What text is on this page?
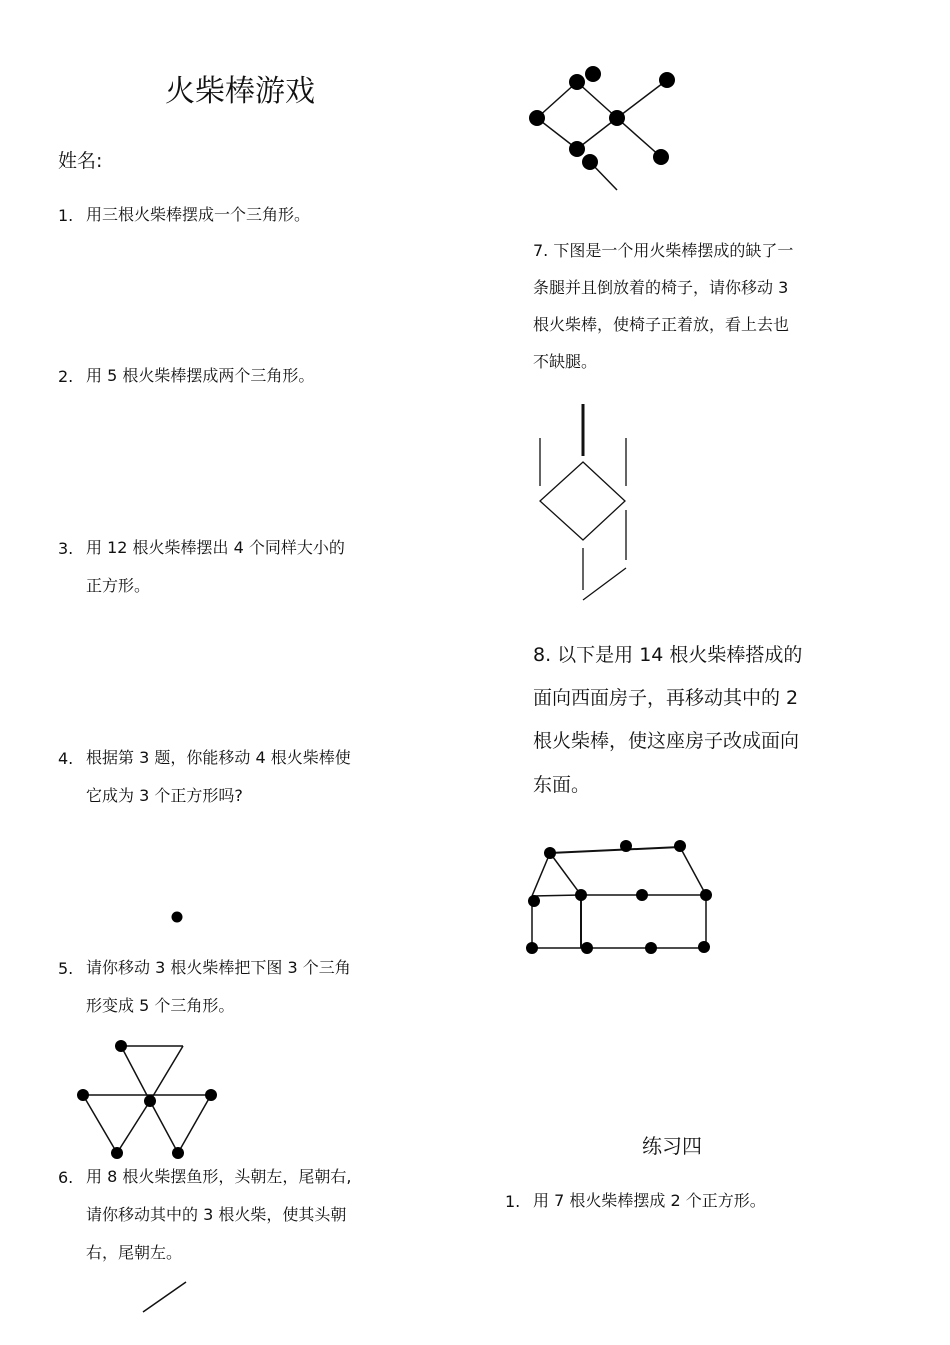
火柴棒游戏
姓名:
1. 用三根火柴棒摆成一个三角形。
2. 用 5 根火柴棒摆成两个三角形。
3. 用 12 根火柴棒摆出 4 个同样大小的
正方形。
4. 根据第 3 题，你能移动 4 根火柴棒使
它成为 3 个正方形吗?
5. 请你移动 3 根火柴棒把下图 3 个三角
形变成 5 个三角形。
6. 用 8 根火柴摆鱼形，头朝左，尾朝右,
请你移动其中的 3 根火柴，使其头朝
右，尾朝左。
7. 下图是一个用火柴棒摆成的缺了一
条腿并且倒放着的椅子，请你移动 3
根火柴棒，使椅子正着放，看上去也
不缺腿。
8. 以下是用 14 根火柴棒搭成的
面向西面房子，再移动其中的 2
根火柴棒，使这座房子改成面向
东面。
练习四
1. 用 7 根火柴棒摆成 2 个正方形。
